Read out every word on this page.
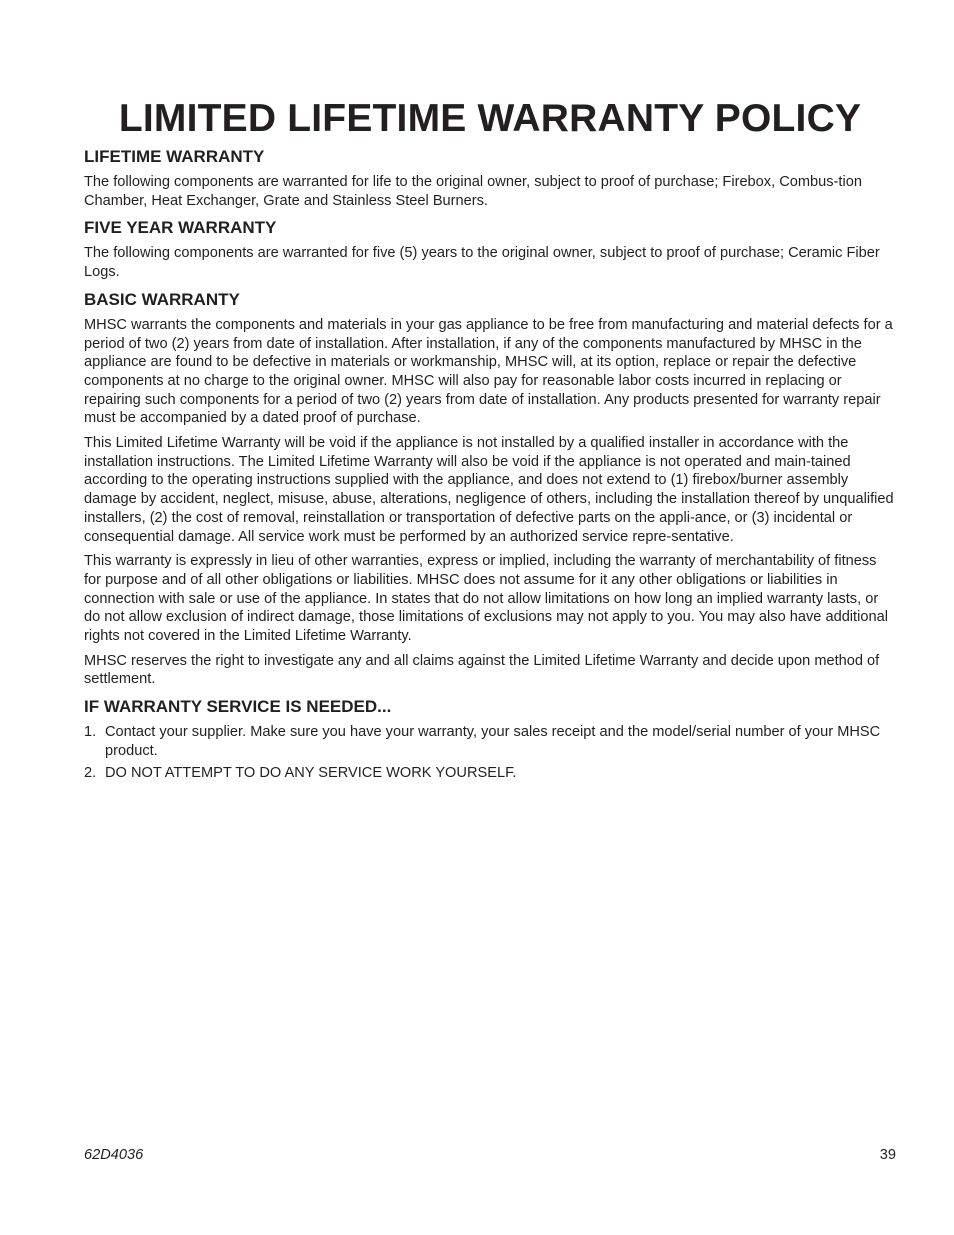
LIMITED LIFETIME WARRANTY POLICY
LIFETIME WARRANTY

The following components are warranted for life to the original owner, subject to proof of purchase; Firebox, Combus-tion Chamber, Heat Exchanger, Grate and Stainless Steel Burners.

FIVE YEAR WARRANTY

The following components are warranted for five (5) years to the original owner, subject to proof of purchase; Ceramic Fiber Logs.

BASIC WARRANTY

MHSC warrants the components and materials in your gas appliance to be free from manufacturing and material defects for a period of two (2) years from date of installation. After installation, if any of the components manufactured by MHSC in the appliance are found to be defective in materials or workmanship, MHSC will, at its option, replace or repair the defective components at no charge to the original owner. MHSC will also pay for reasonable labor costs incurred in replacing or repairing such components for a period of two (2) years from date of installation. Any products presented for warranty repair must be accompanied by a dated proof of purchase.

This Limited Lifetime Warranty will be void if the appliance is not installed by a qualified installer in accordance with the installation instructions. The Limited Lifetime Warranty will also be void if the appliance is not operated and main-tained according to the operating instructions supplied with the appliance, and does not extend to (1) firebox/burner assembly damage by accident, neglect, misuse, abuse, alterations, negligence of others, including the installation thereof by unqualified installers, (2) the cost of removal, reinstallation or transportation of defective parts on the appli-ance, or (3) incidental or consequential damage. All service work must be performed by an authorized service repre-sentative.

This warranty is expressly in lieu of other warranties, express or implied, including the warranty of merchantability of fitness for purpose and of all other obligations or liabilities. MHSC does not assume for it any other obligations or liabilities in connection with sale or use of the appliance. In states that do not allow limitations on how long an implied warranty lasts, or do not allow exclusion of indirect damage, those limitations of exclusions may not apply to you. You may also have additional rights not covered in the Limited Lifetime Warranty.

MHSC reserves the right to investigate any and all claims against the Limited Lifetime Warranty and decide upon method of settlement.

IF WARRANTY SERVICE IS NEEDED...
1. Contact your supplier. Make sure you have your warranty, your sales receipt and the model/serial number of your MHSC product.
2. DO NOT ATTEMPT TO DO ANY SERVICE WORK YOURSELF.
62D4036	39
